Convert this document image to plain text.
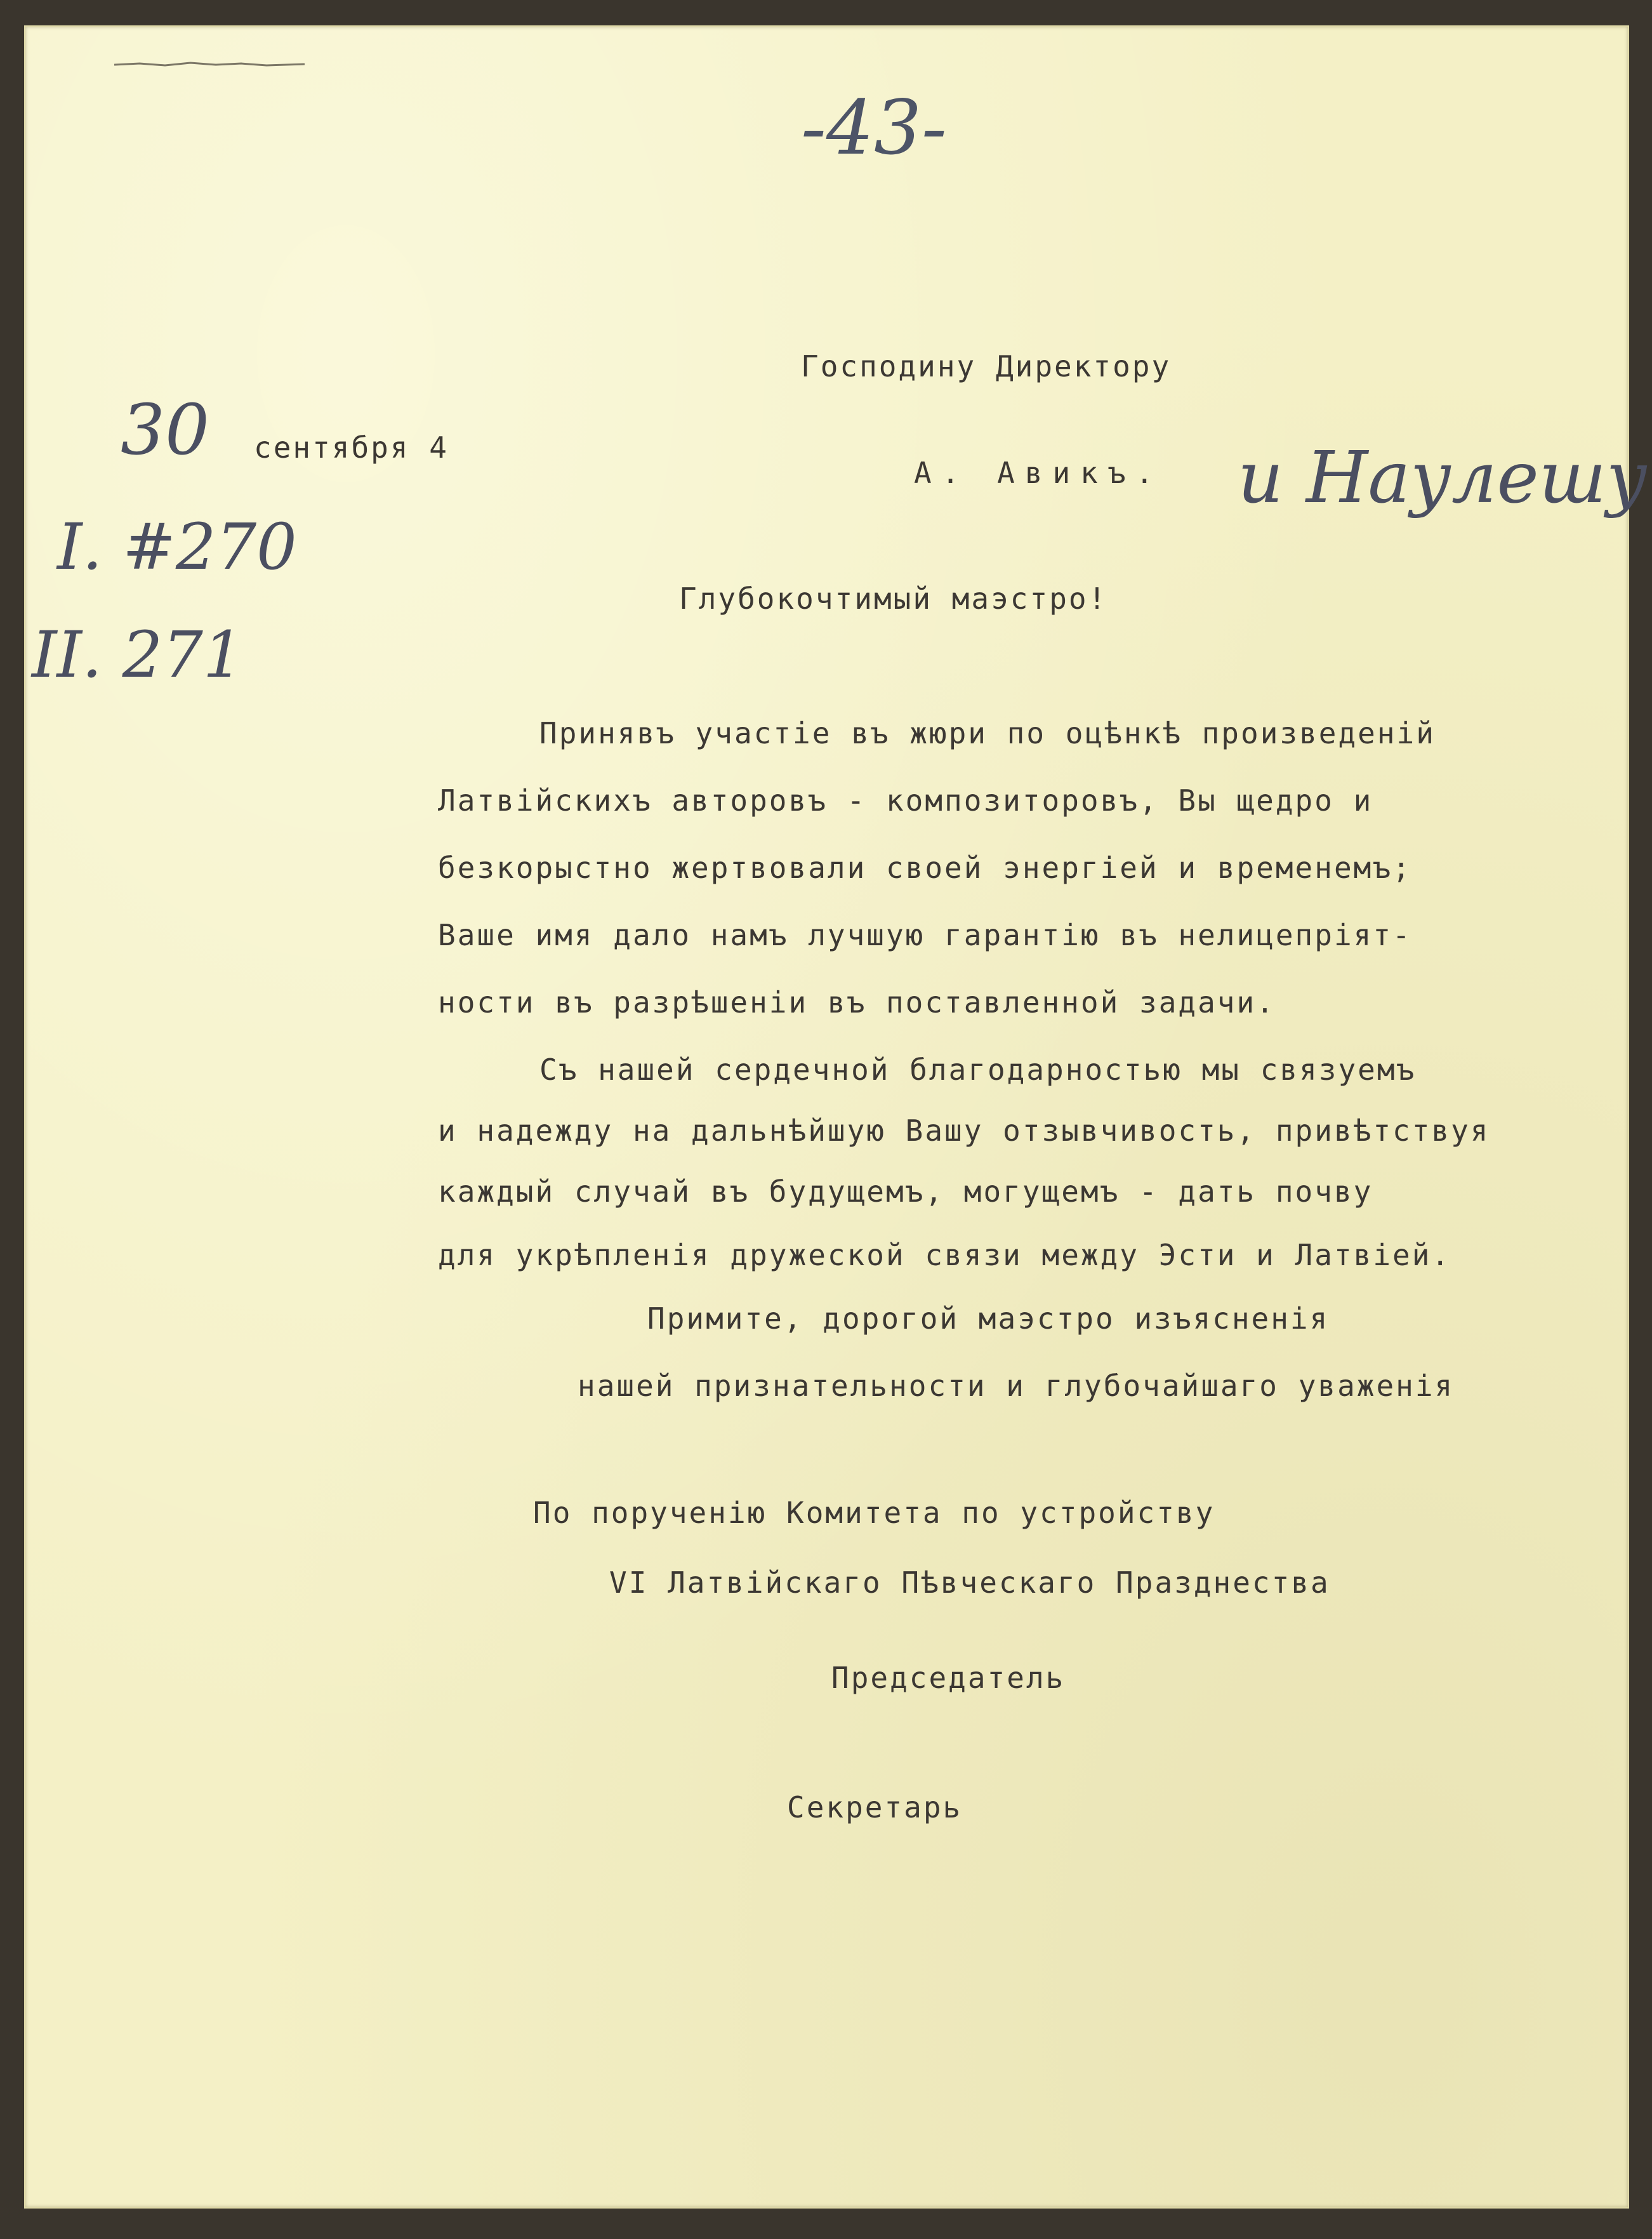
-43-
Господину Директору
30 сентября 4
А. Авикъ. и Наулешу
I. #270
II. 271
Глубокочтимый маэстро!
Принявъ участіе въ жюри по оцѣнкѣ произведеній
Латвійскихъ авторовъ - композиторовъ, Вы щедро и
безкорыстно жертвовали своей энергіей и временемъ;
Ваше имя дало намъ лучшую гарантію въ нелицепріят-
ности въ разрѣшеніи въ поставленной задачи.
Съ нашей сердечной благодарностью мы связуемъ
и надежду на дальнѣйшую Вашу отзывчивость, привѣтствуя
каждый случай въ будущемъ, могущемъ - дать почву
для укрѣпленія дружеской связи между Эсти и Латвіей.
Примите, дорогой маэстро изъясненія
нашей признательности и глубочайшаго уваженія
По порученію Комитета по устройству
VI Латвійскаго Пѣвческаго Празднества
Председатель
Секретарь
